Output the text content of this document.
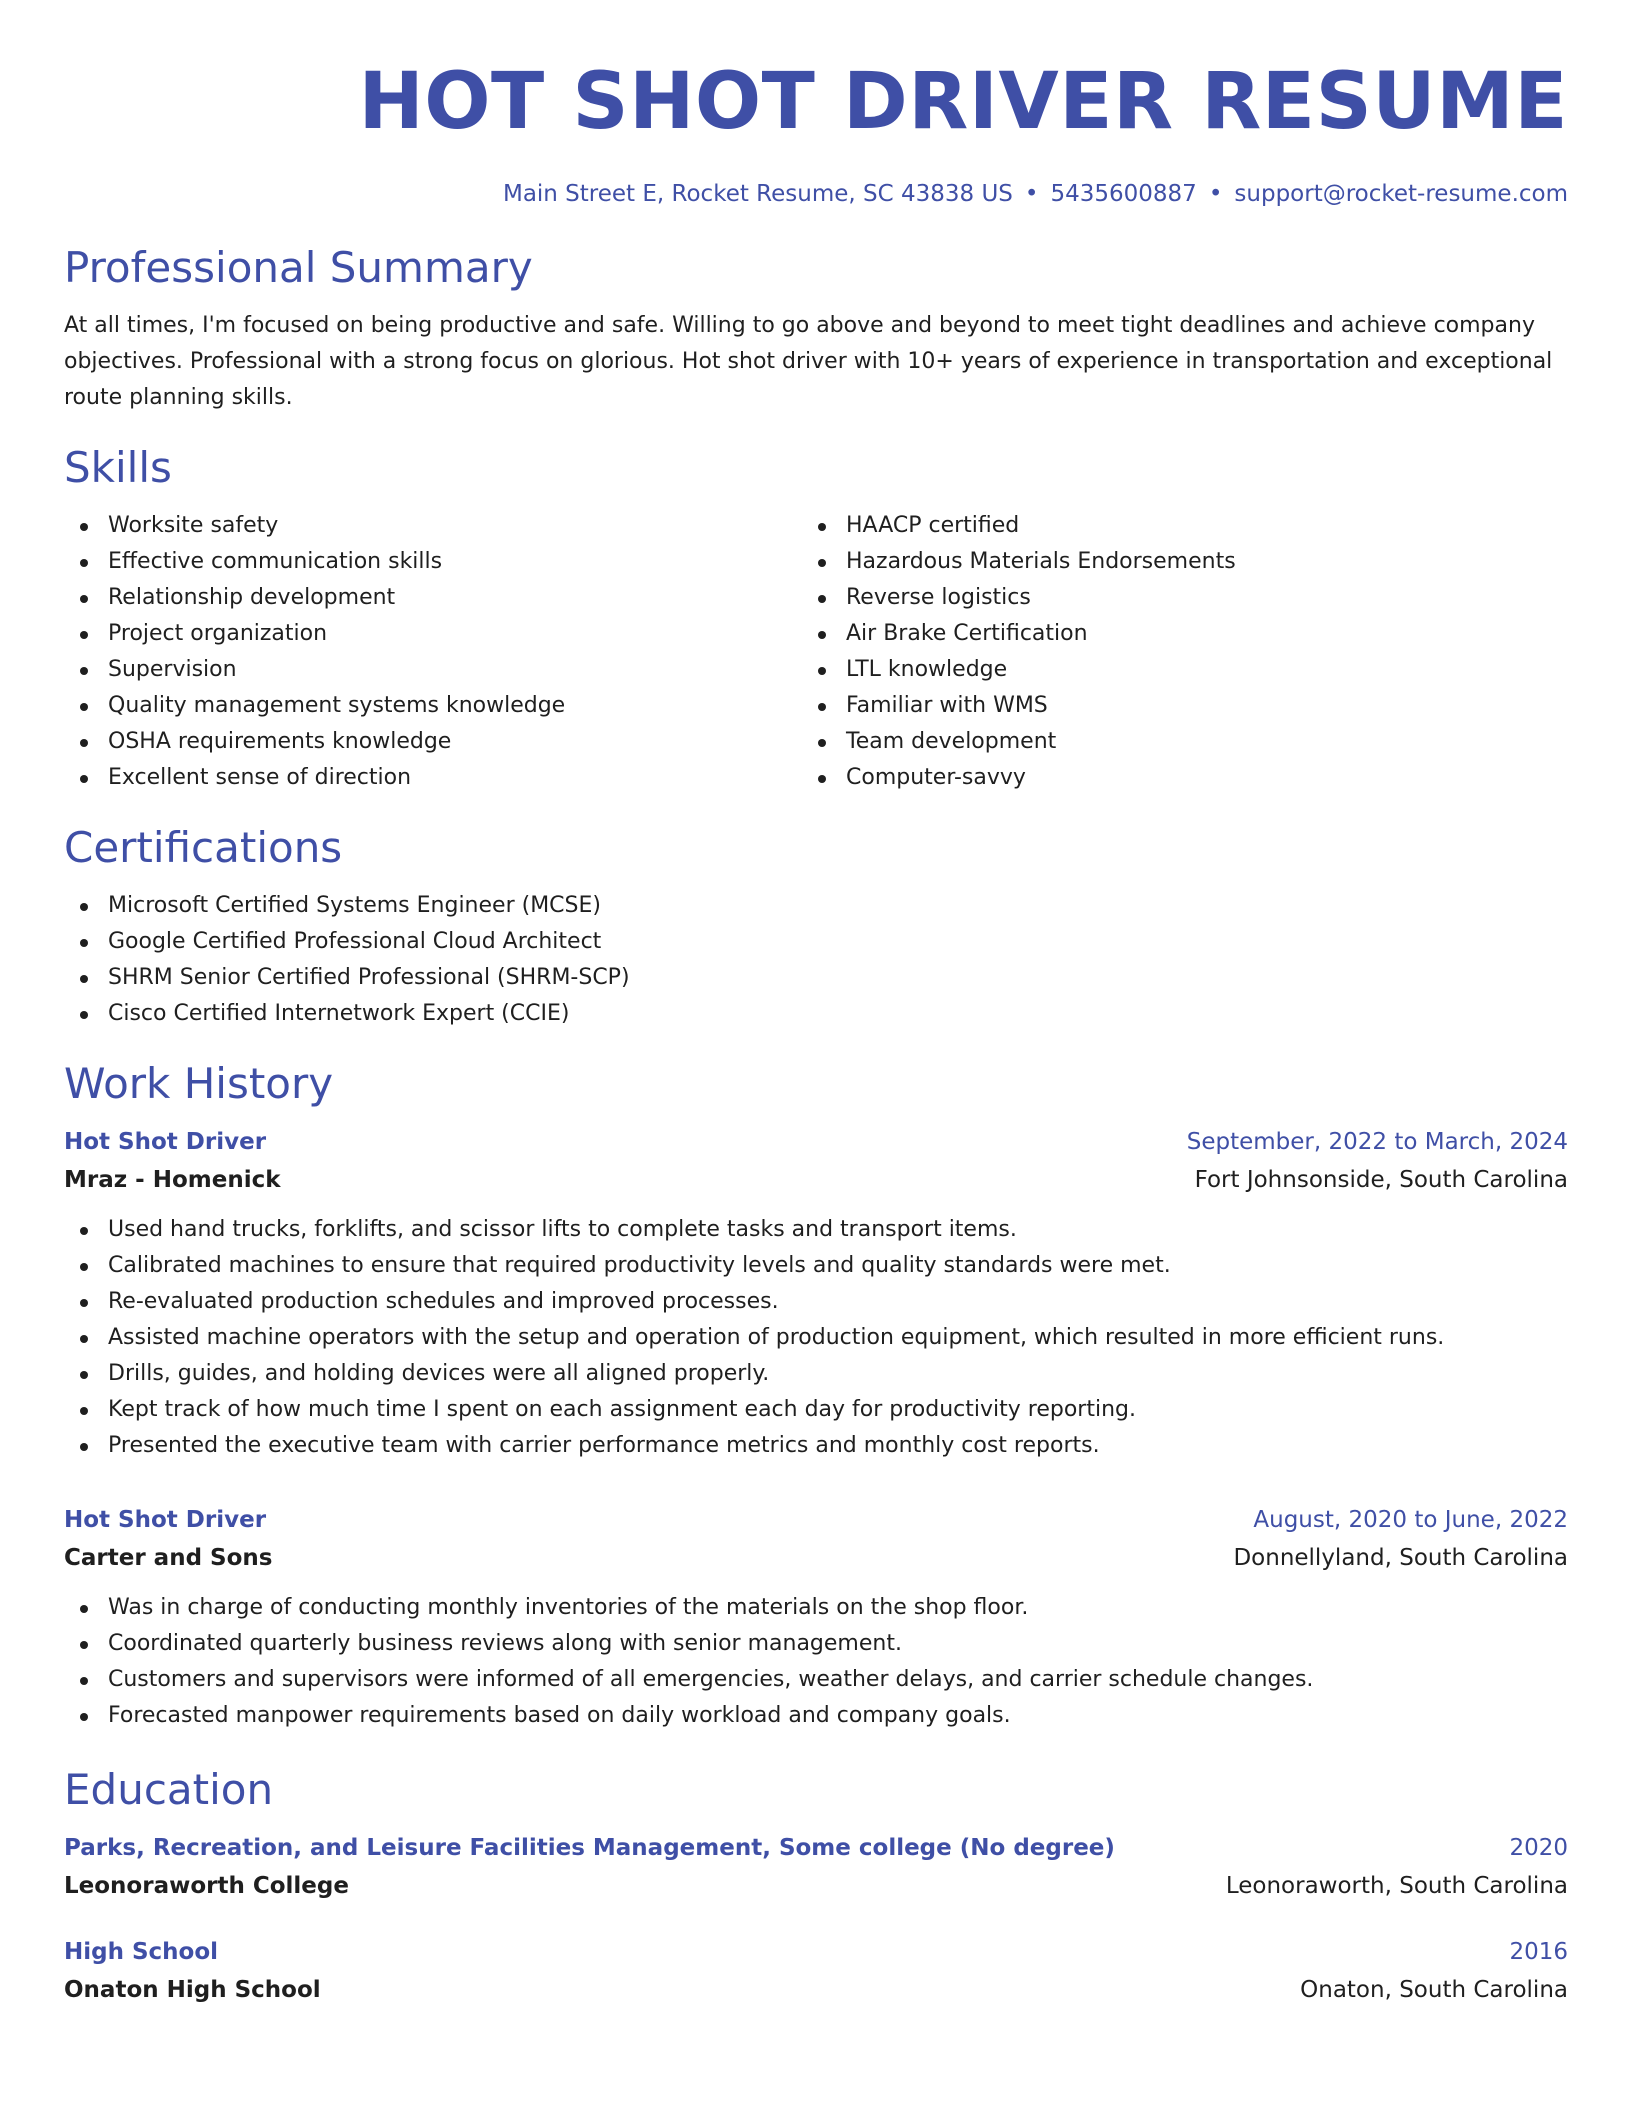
HOT SHOT DRIVER RESUME
Main Street E, Rocket Resume, SC 43838 US • 5435600887 • support@rocket-resume.com
Professional Summary

At all times, I'm focused on being productive and safe. Willing to go above and beyond to meet tight deadlines and achieve company objectives. Professional with a strong focus on glorious. Hot shot driver with 10+ years of experience in transportation and exceptional route planning skills.

Skills
Worksite safety
Effective communication skills
Relationship development
Project organization
Supervision
Quality management systems knowledge
OSHA requirements knowledge
Excellent sense of direction
HAACP certified
Hazardous Materials Endorsements
Reverse logistics
Air Brake Certification
LTL knowledge
Familiar with WMS
Team development
Computer-savvy
Certifications
Microsoft Certified Systems Engineer (MCSE)
Google Certified Professional Cloud Architect
SHRM Senior Certified Professional (SHRM-SCP)
Cisco Certified Internetwork Expert (CCIE)
Work History
Hot Shot Driver	September, 2022 to March, 2024
Mraz - Homenick	Fort Johnsonside, South Carolina
Used hand trucks, forklifts, and scissor lifts to complete tasks and transport items.
Calibrated machines to ensure that required productivity levels and quality standards were met.
Re-evaluated production schedules and improved processes.
Assisted machine operators with the setup and operation of production equipment, which resulted in more efficient runs.
Drills, guides, and holding devices were all aligned properly.
Kept track of how much time I spent on each assignment each day for productivity reporting.
Presented the executive team with carrier performance metrics and monthly cost reports.
Hot Shot Driver	August, 2020 to June, 2022
Carter and Sons	Donnellyland, South Carolina
Was in charge of conducting monthly inventories of the materials on the shop floor.
Coordinated quarterly business reviews along with senior management.
Customers and supervisors were informed of all emergencies, weather delays, and carrier schedule changes.
Forecasted manpower requirements based on daily workload and company goals.
Education
Parks, Recreation, and Leisure Facilities Management, Some college (No degree)	2020
Leonoraworth College	Leonoraworth, South Carolina
High School	2016
Onaton High School	Onaton, South Carolina
